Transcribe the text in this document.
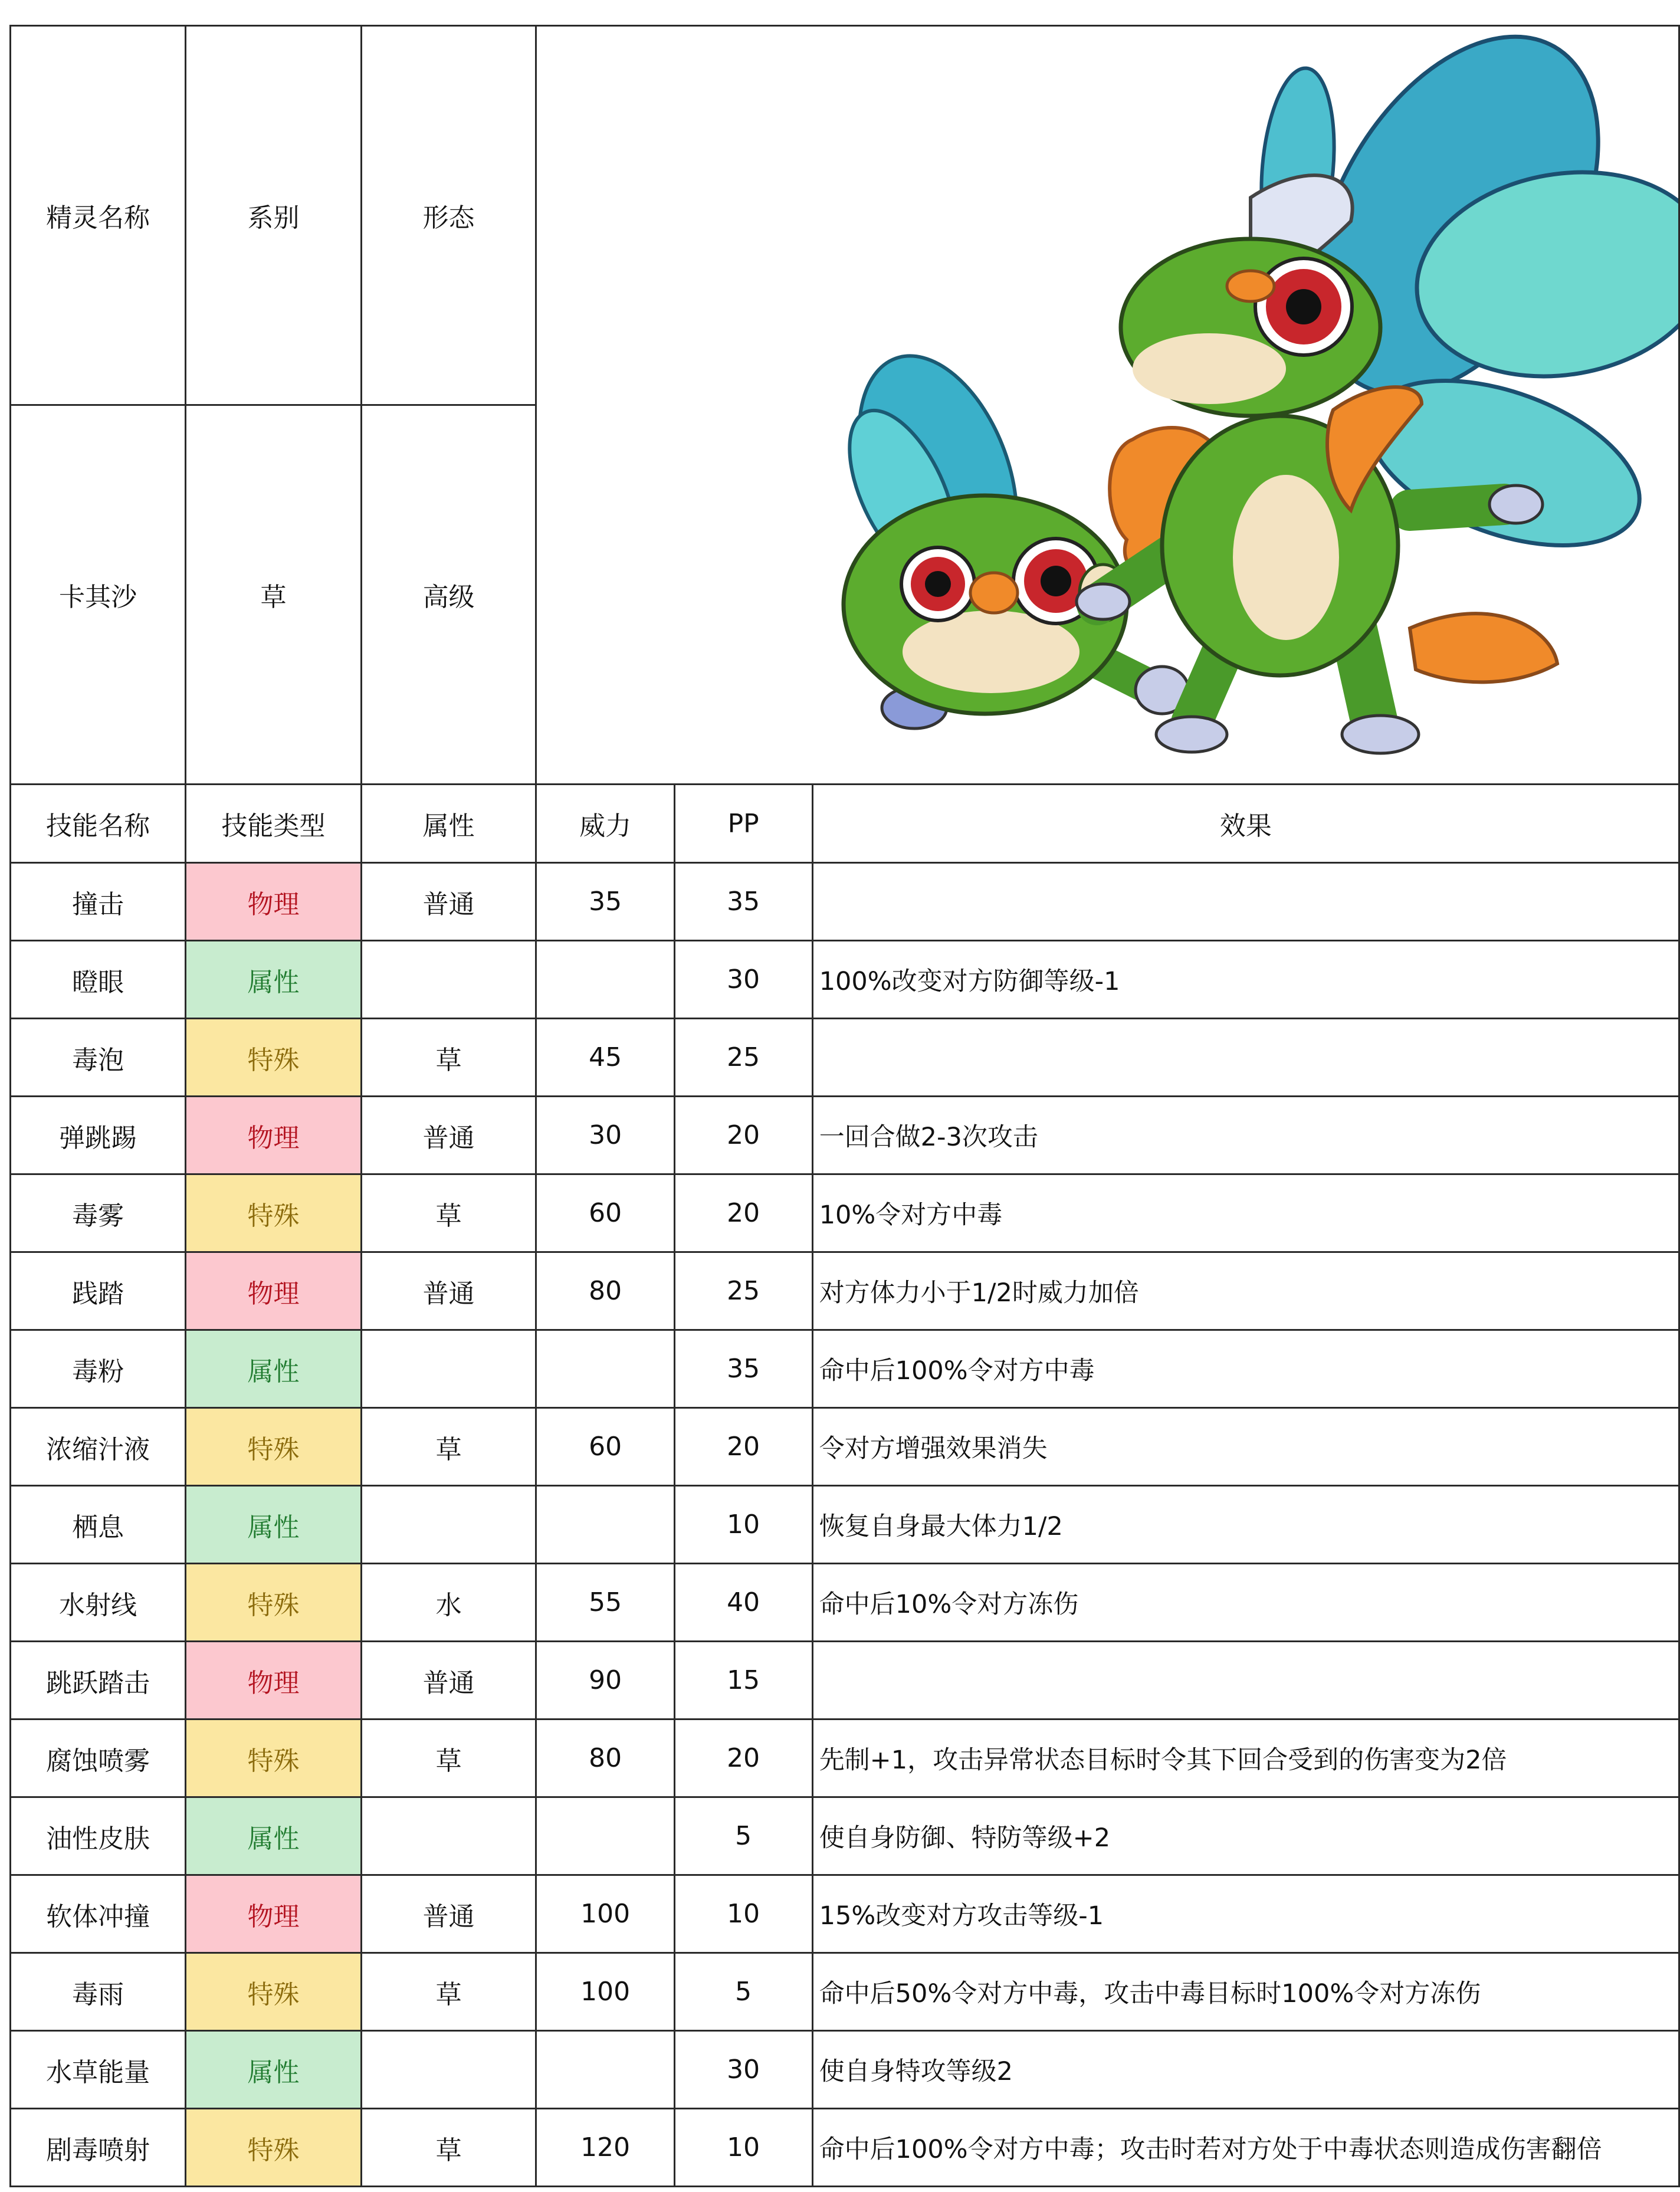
精灵名称	系别	形态	

卡其沙	草	高级			
技能名称	技能类型	属性	威力	PP	效果
撞击	物理	普通	35	35	
瞪眼	属性			30	100%改变对方防御等级-1
毒泡	特殊	草	45	25	
弹跳踢	物理	普通	30	20	一回合做2-3次攻击
毒雾	特殊	草	60	20	10%令对方中毒
践踏	物理	普通	80	25	对方体力小于1/2时威力加倍
毒粉	属性			35	命中后100%令对方中毒
浓缩汁液	特殊	草	60	20	令对方增强效果消失
栖息	属性			10	恢复自身最大体力1/2
水射线	特殊	水	55	40	命中后10%令对方冻伤
跳跃踏击	物理	普通	90	15	
腐蚀喷雾	特殊	草	80	20	先制+1，攻击异常状态目标时令其下回合受到的伤害变为2倍
油性皮肤	属性			5	使自身防御、特防等级+2
软体冲撞	物理	普通	100	10	15%改变对方攻击等级-1
毒雨	特殊	草	100	5	命中后50%令对方中毒，攻击中毒目标时100%令对方冻伤
水草能量	属性			30	使自身特攻等级2
剧毒喷射	特殊	草	120	10	命中后100%令对方中毒；攻击时若对方处于中毒状态则造成伤害翻倍
